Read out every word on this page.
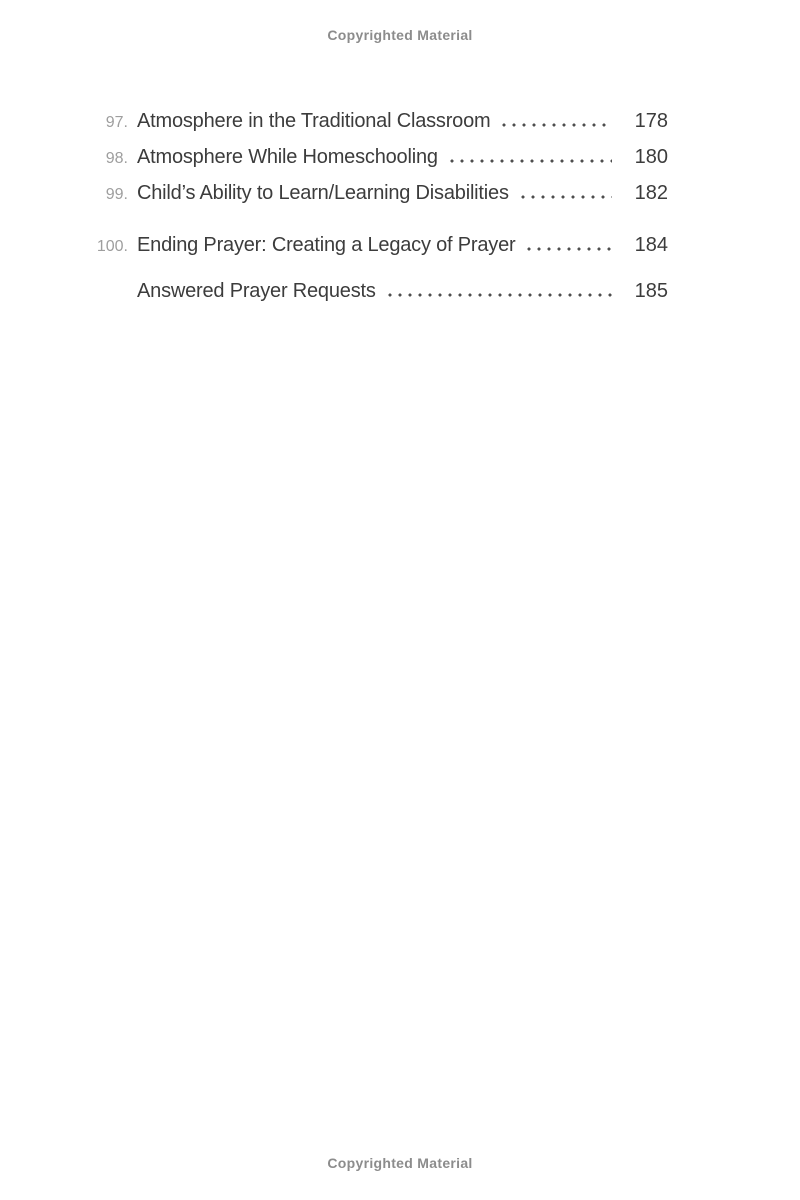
Copyrighted Material
97. Atmosphere in the Traditional Classroom	178
98. Atmosphere While Homeschooling	180
99. Child’s Ability to Learn/Learning Disabilities	182
100. Ending Prayer: Creating a Legacy of Prayer	184
Answered Prayer Requests	185
Copyrighted Material
